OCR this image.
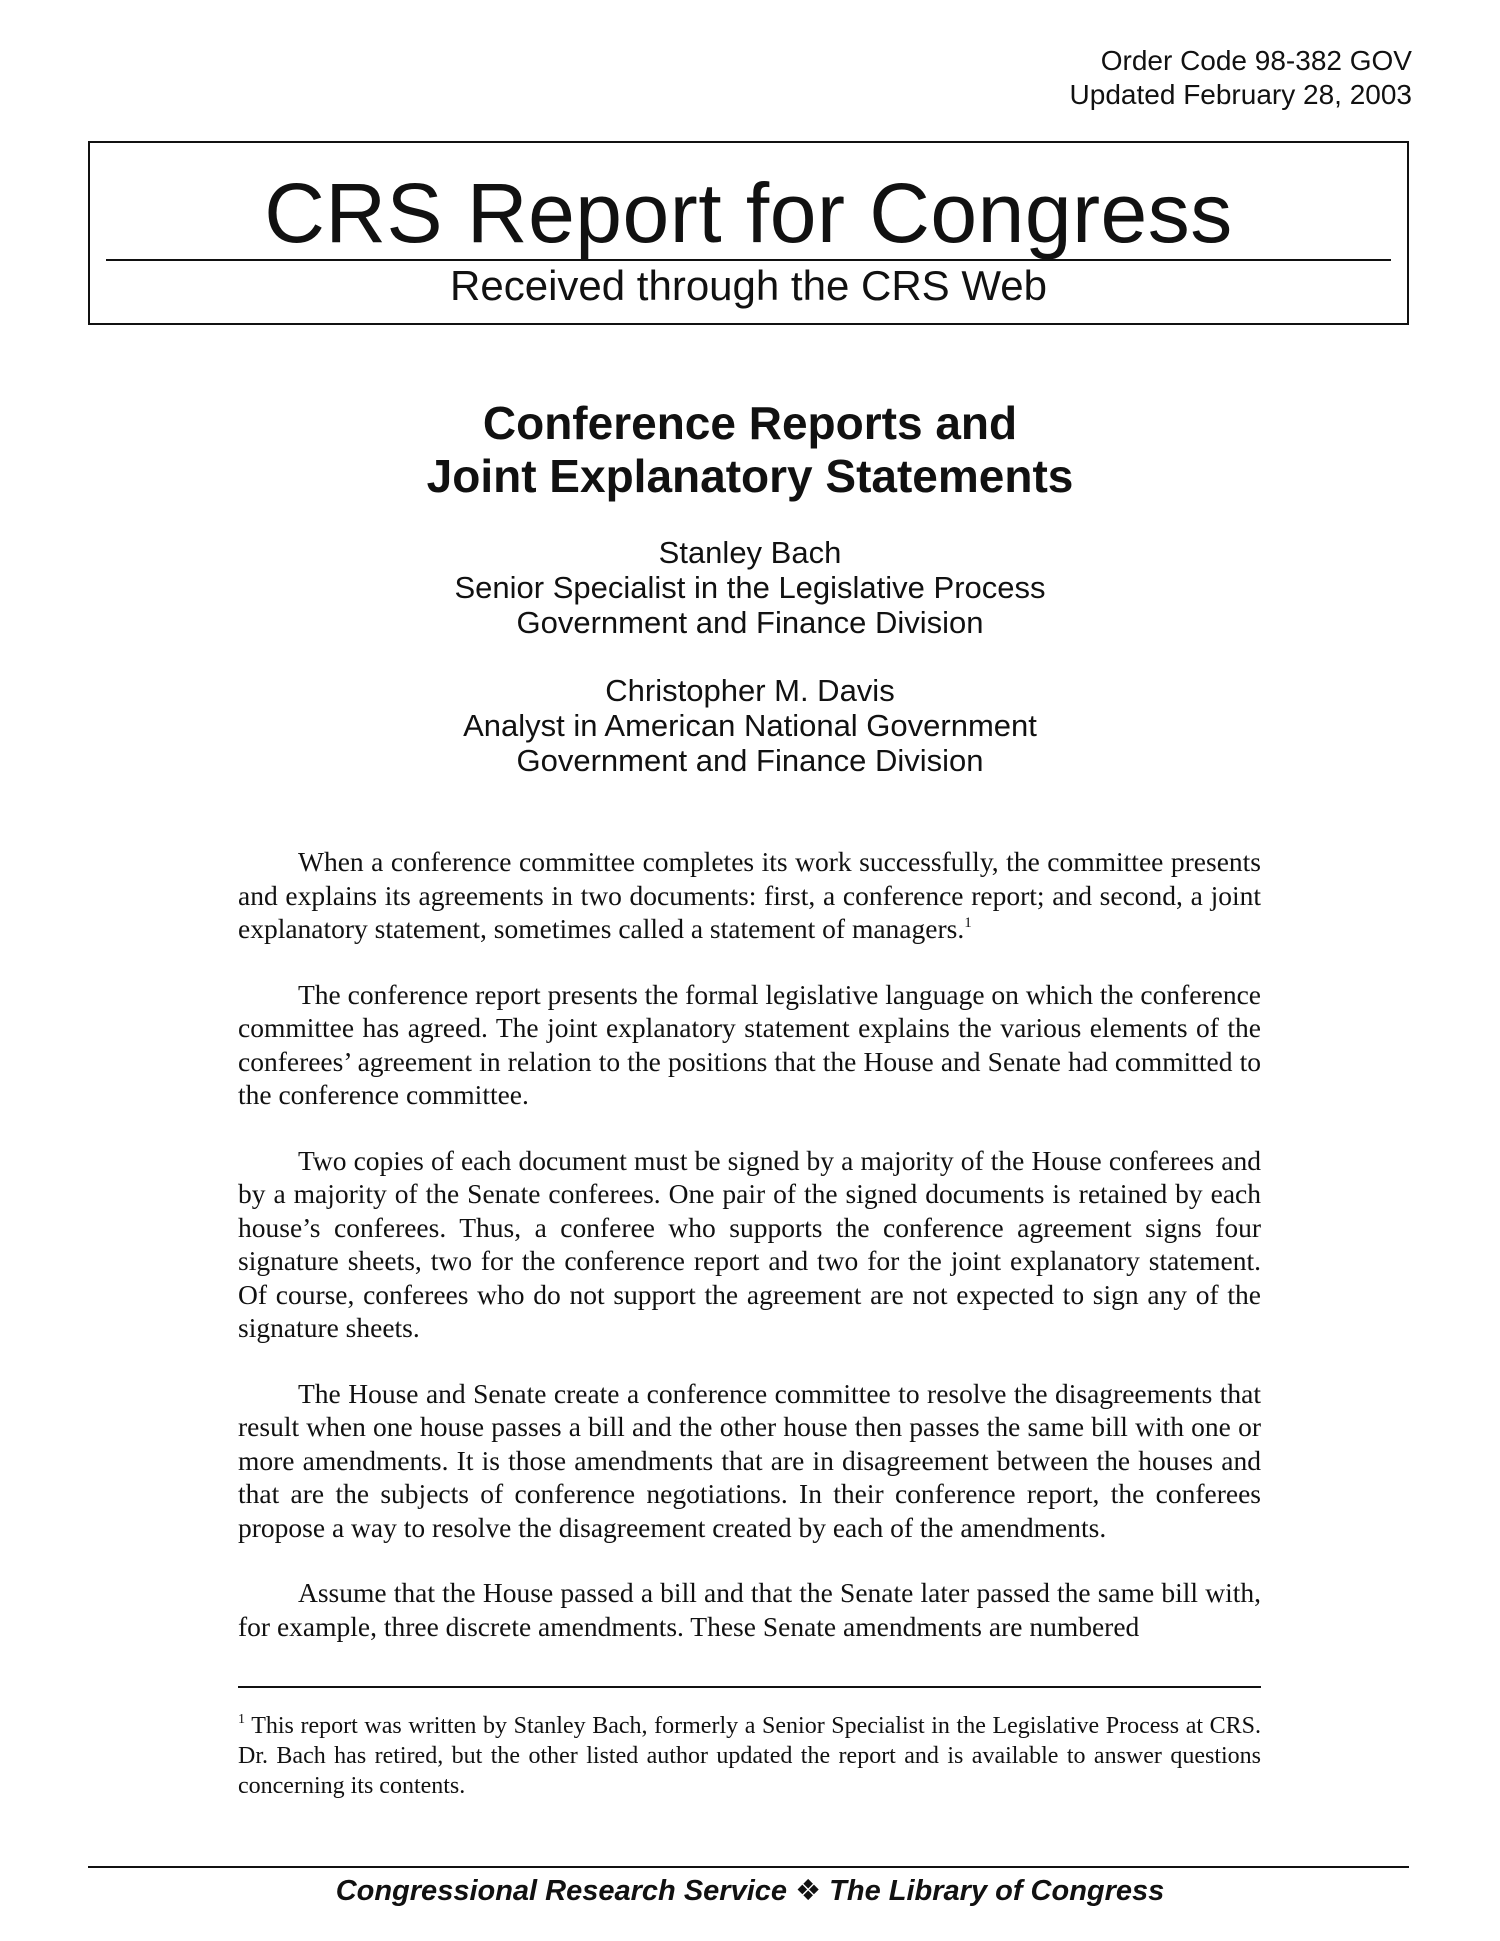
Order Code 98-382 GOV
Updated February 28, 2003
CRS Report for Congress
Received through the CRS Web
Conference Reports and
Joint Explanatory Statements
Stanley Bach
Senior Specialist in the Legislative Process
Government and Finance Division
Christopher M. Davis
Analyst in American National Government
Government and Finance Division

When a conference committee completes its work successfully, the committee presents and explains its agreements in two documents: first, a conference report; and second, a joint explanatory statement, sometimes called a statement of managers.$^1$

The conference report presents the formal legislative language on which the conference committee has agreed. The joint explanatory statement explains the various elements of the conferees’ agreement in relation to the positions that the House and Senate had committed to the conference committee.

Two copies of each document must be signed by a majority of the House conferees and by a majority of the Senate conferees. One pair of the signed documents is retained by each house’s conferees. Thus, a conferee who supports the conference agreement signs four signature sheets, two for the conference report and two for the joint explanatory statement. Of course, conferees who do not support the agreement are not expected to sign any of the signature sheets.

The House and Senate create a conference committee to resolve the disagreements that result when one house passes a bill and the other house then passes the same bill with one or more amendments. It is those amendments that are in disagreement between the houses and that are the subjects of conference negotiations. In their conference report, the conferees propose a way to resolve the disagreement created by each of the amendments.

Assume that the House passed a bill and that the Senate later passed the same bill with, for example, three discrete amendments. These Senate amendments are numbered

$^1$ This report was written by Stanley Bach, formerly a Senior Specialist in the Legislative Process at CRS. Dr. Bach has retired, but the other listed author updated the report and is available to answer questions concerning its contents.
Congressional Research Service ❖ The Library of Congress
